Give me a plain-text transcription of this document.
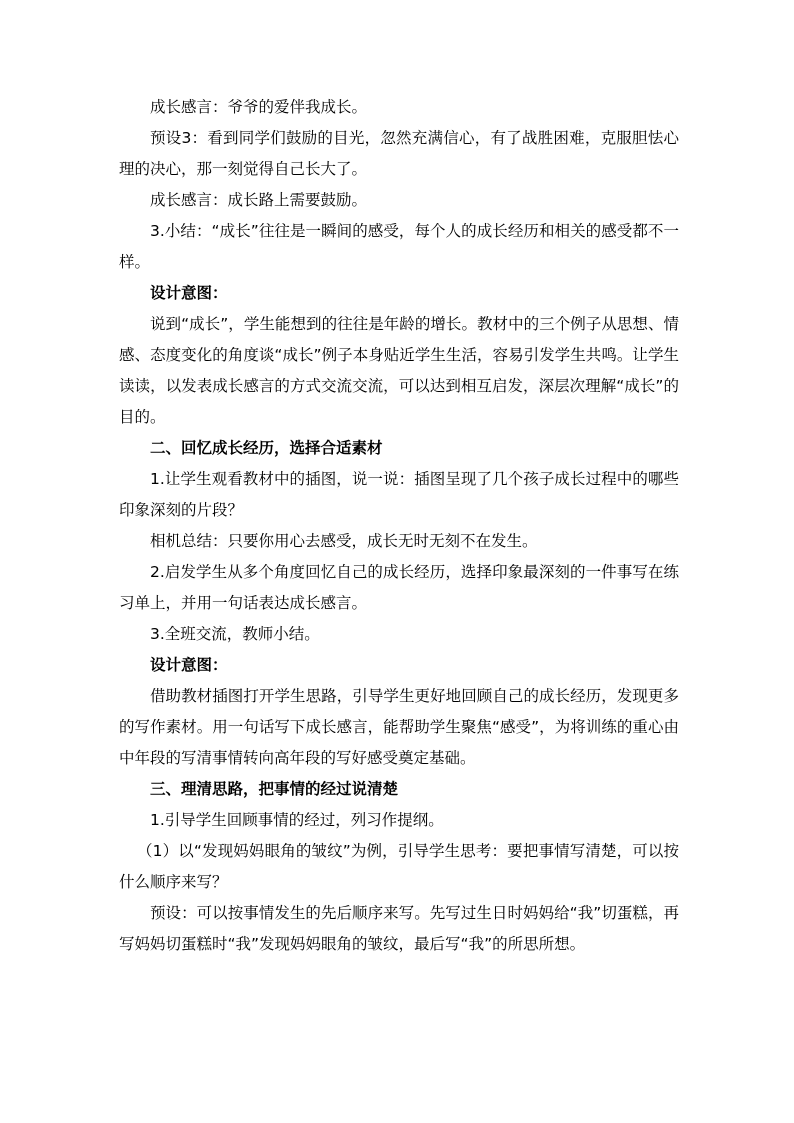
成长感言：爷爷的爱伴我成长。

预设3：看到同学们鼓励的目光，忽然充满信心，有了战胜困难，克服胆怯心理的决心，那一刻觉得自己长大了。

成长感言：成长路上需要鼓励。

3.小结：“成长”往往是一瞬间的感受，每个人的成长经历和相关的感受都不一样。

设计意图：

说到“成长”，学生能想到的往往是年龄的增长。教材中的三个例子从思想、情感、态度变化的角度谈“成长”例子本身贴近学生生活，容易引发学生共鸣。让学生读读，以发表成长感言的方式交流交流，可以达到相互启发，深层次理解“成长”的目的。

二、回忆成长经历，选择合适素材

1.让学生观看教材中的插图，说一说：插图呈现了几个孩子成长过程中的哪些印象深刻的片段？

相机总结：只要你用心去感受，成长无时无刻不在发生。

2.启发学生从多个角度回忆自己的成长经历，选择印象最深刻的一件事写在练习单上，并用一句话表达成长感言。

3.全班交流，教师小结。

设计意图：

借助教材插图打开学生思路，引导学生更好地回顾自己的成长经历，发现更多的写作素材。用一句话写下成长感言，能帮助学生聚焦“感受”，为将训练的重心由中年段的写清事情转向高年段的写好感受奠定基础。

三、理清思路，把事情的经过说清楚

1.引导学生回顾事情的经过，列习作提纲。

（1）以“发现妈妈眼角的皱纹”为例，引导学生思考：要把事情写清楚，可以按什么顺序来写？

预设：可以按事情发生的先后顺序来写。先写过生日时妈妈给“我”切蛋糕，再写妈妈切蛋糕时“我”发现妈妈眼角的皱纹，最后写“我”的所思所想。
